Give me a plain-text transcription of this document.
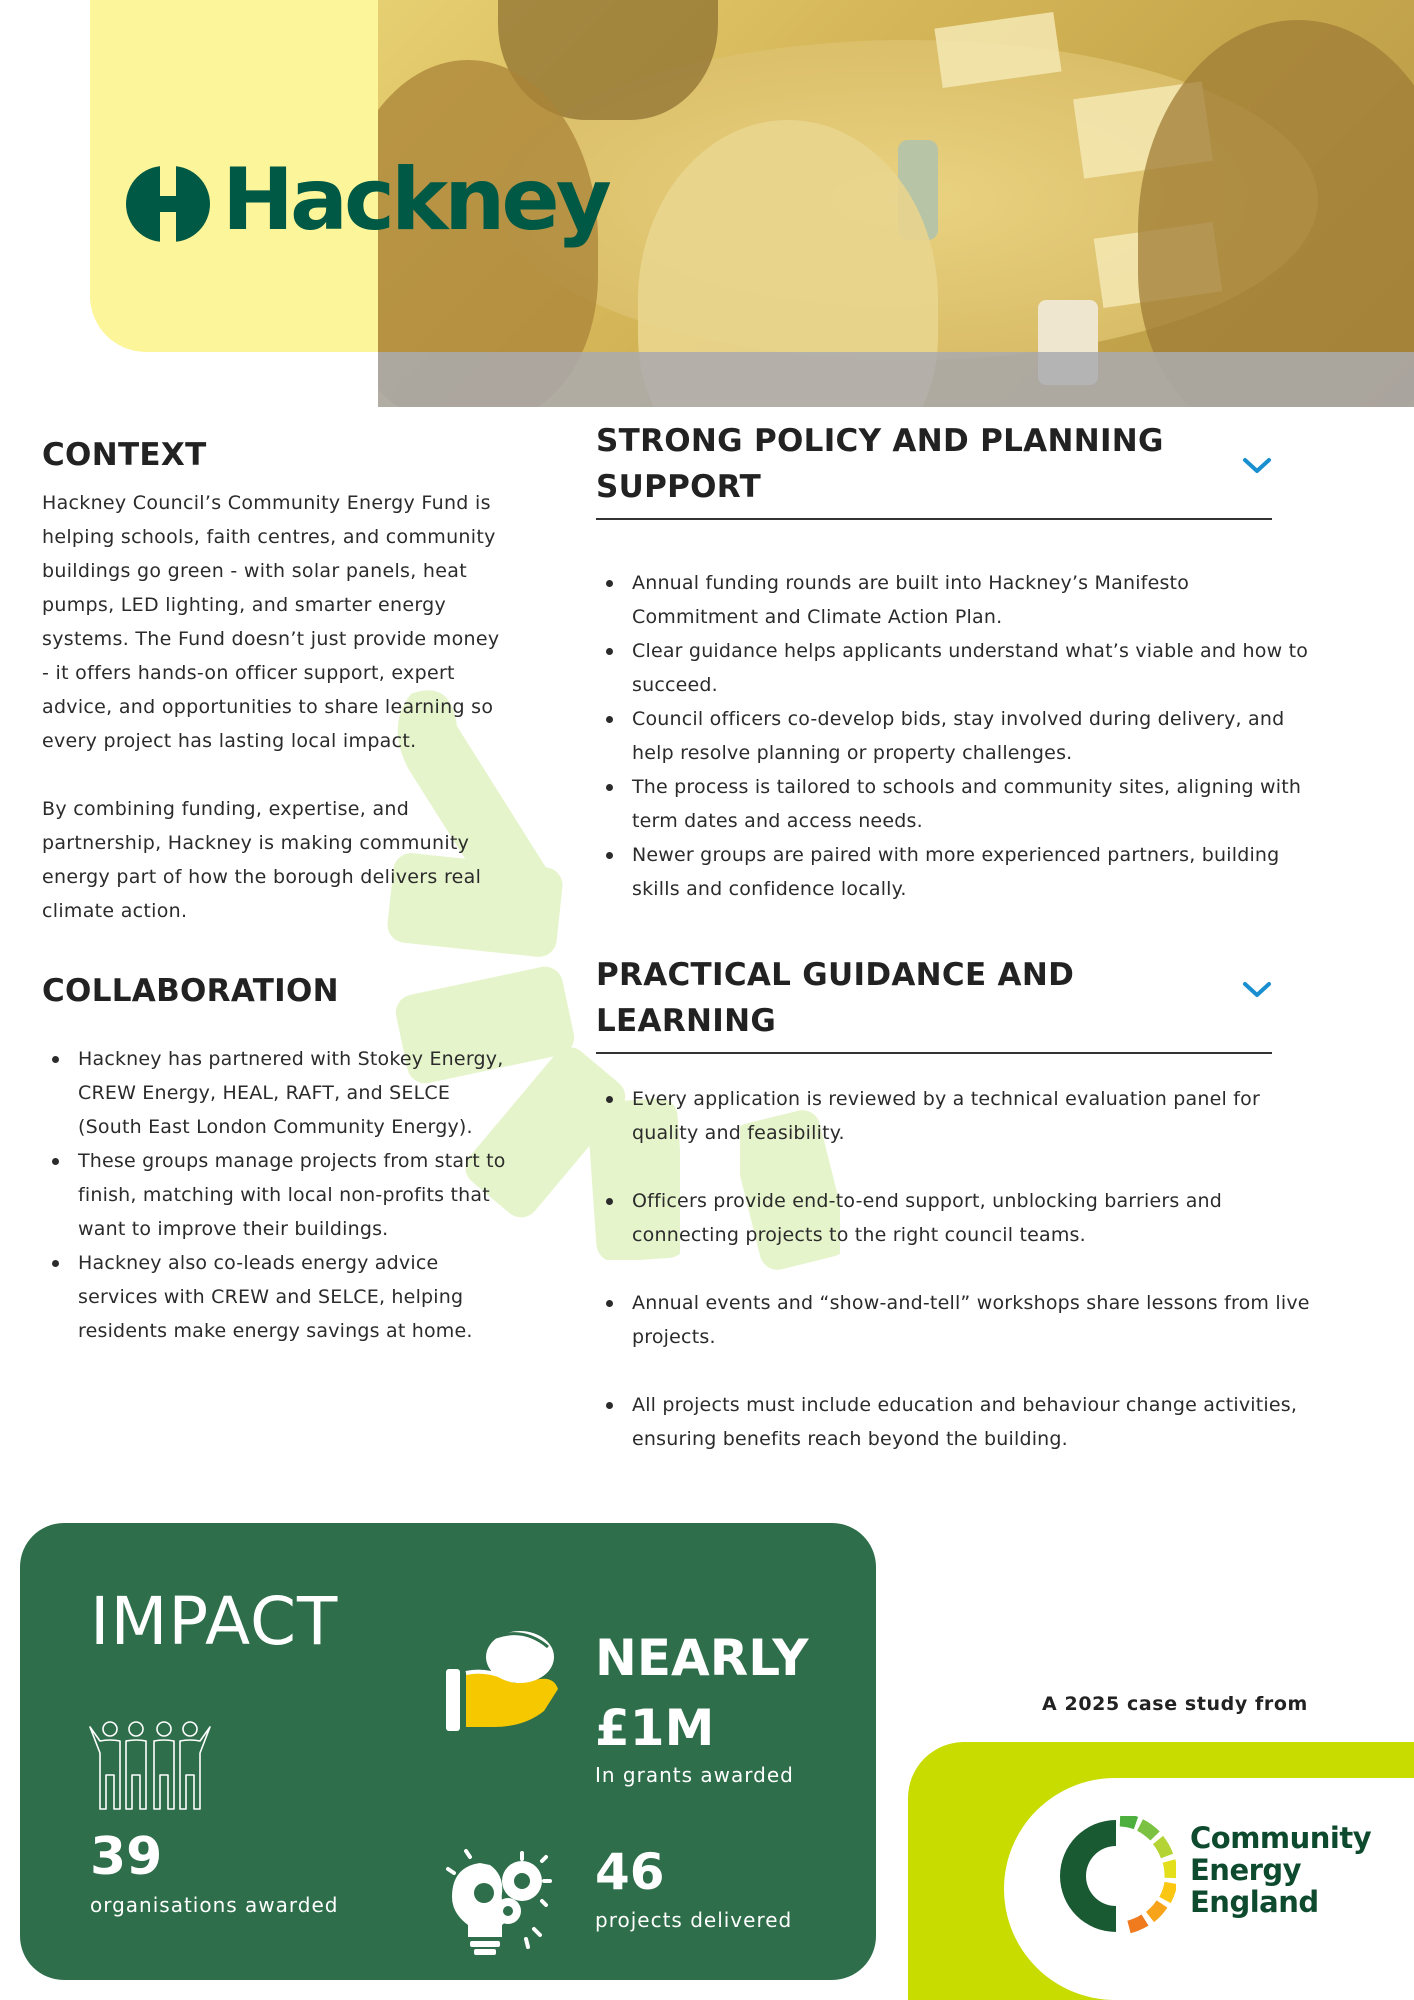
Hackney
CONTEXT

Hackney Council’s Community Energy Fund is helping schools, faith centres, and community buildings go green - with solar panels, heat pumps, LED lighting, and smarter energy systems. The Fund doesn’t just provide money - it offers hands-on officer support, expert advice, and opportunities to share learning so every project has lasting local impact.

By combining funding, expertise, and partnership, Hackney is making community energy part of how the borough delivers real climate action.

COLLABORATION
Hackney has partnered with Stokey Energy, CREW Energy, HEAL, RAFT, and SELCE (South East London Community Energy).
These groups manage projects from start to finish, matching with local non-profits that want to improve their buildings.
Hackney also co-leads energy advice services with CREW and SELCE, helping residents make energy savings at home.
STRONG POLICY AND PLANNING SUPPORT
Annual funding rounds are built into Hackney’s Manifesto Commitment and Climate Action Plan.
Clear guidance helps applicants understand what’s viable and how to succeed.
Council officers co-develop bids, stay involved during delivery, and help resolve planning or property challenges.
The process is tailored to schools and community sites, aligning with term dates and access needs.
Newer groups are paired with more experienced partners, building skills and confidence locally.
PRACTICAL GUIDANCE AND LEARNING
Every application is reviewed by a technical evaluation panel for quality and feasibility.
Officers provide end-to-end support, unblocking barriers and connecting projects to the right council teams.
Annual events and “show-and-tell” workshops share lessons from live projects.
All projects must include education and behaviour change activities, ensuring benefits reach beyond the building.
IMPACT
39
organisations awarded
NEARLY £1M
In grants awarded
46
projects delivered
A 2025 case study from
Community
Energy
England
